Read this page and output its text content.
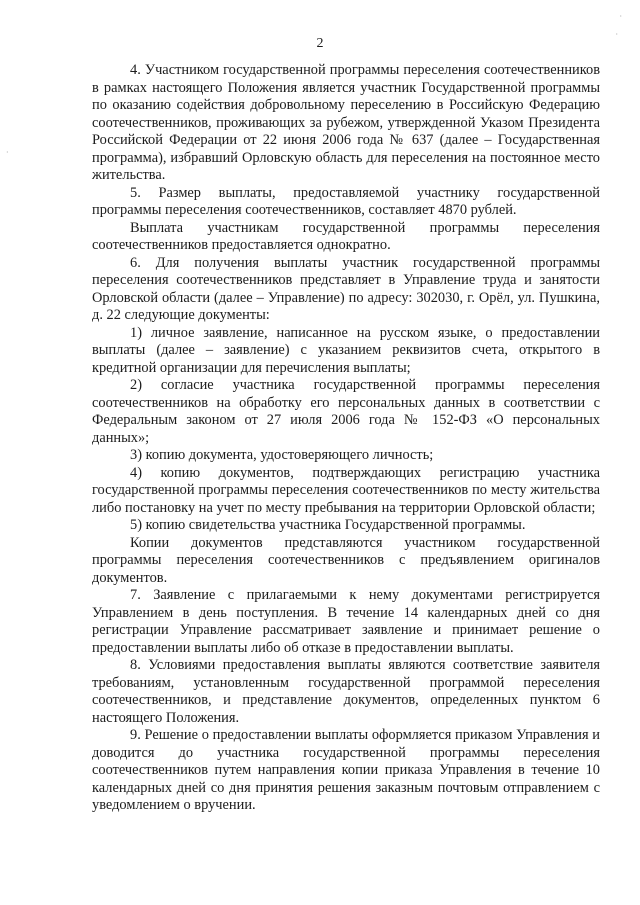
2

4. Участником государственной программы переселения соотечественников в рамках настоящего Положения является участник Государственной программы по оказанию содействия добровольному переселению в Российскую Федерацию соотечественников, проживающих за рубежом, утвержденной Указом Президента Российской Федерации от 22 июня 2006 года № 637 (далее – Государственная программа), избравший Орловскую область для переселения на постоянное место жительства.

5. Размер выплаты, предоставляемой участнику государственной программы переселения соотечественников, составляет 4870 рублей.

Выплата участникам государственной программы переселения соотечественников предоставляется однократно.

6. Для получения выплаты участник государственной программы переселения соотечественников представляет в Управление труда и занятости Орловской области (далее – Управление) по адресу: 302030, г. Орёл, ул. Пушкина, д. 22 следующие документы:

1) личное заявление, написанное на русском языке, о предоставлении выплаты (далее – заявление) с указанием реквизитов счета, открытого в кредитной организации для перечисления выплаты;

2) согласие участника государственной программы переселения соотечественников на обработку его персональных данных в соответствии с Федеральным законом от 27 июля 2006 года № 152-ФЗ «О персональных данных»;

3) копию документа, удостоверяющего личность;

4) копию документов, подтверждающих регистрацию участника государственной программы переселения соотечественников по месту жительства либо постановку на учет по месту пребывания на территории Орловской области;

5) копию свидетельства участника Государственной программы.

Копии документов представляются участником государственной программы переселения соотечественников с предъявлением оригиналов документов.

7. Заявление с прилагаемыми к нему документами регистрируется Управлением в день поступления. В течение 14 календарных дней со дня регистрации Управление рассматривает заявление и принимает решение о предоставлении выплаты либо об отказе в предоставлении выплаты.

8. Условиями предоставления выплаты являются соответствие заявителя требованиям, установленным государственной программой переселения соотечественников, и представление документов, определенных пунктом 6 настоящего Положения.

9. Решение о предоставлении выплаты оформляется приказом Управления и доводится до участника государственной программы переселения соотечественников путем направления копии приказа Управления в течение 10 календарных дней со дня принятия решения заказным почтовым отправлением с уведомлением о вручении.

·
·
·
